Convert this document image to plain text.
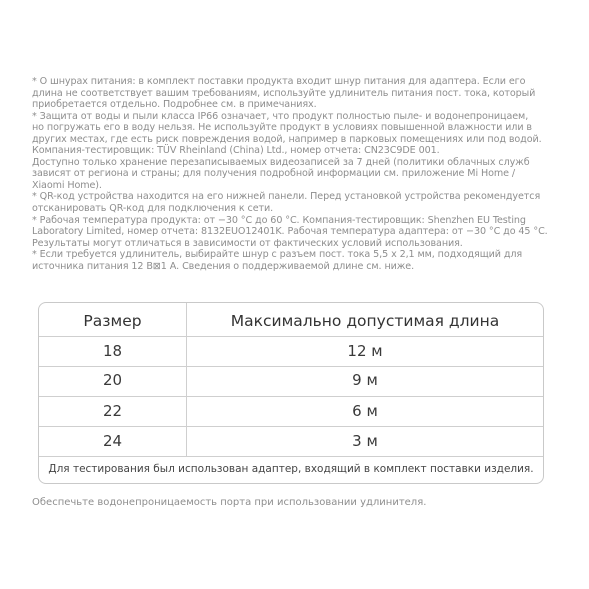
* О шнурах питания: в комплект поставки продукта входит шнур питания для адаптера. Если его
длина не соответствует вашим требованиям, используйте удлинитель питания пост. тока, который
приобретается отдельно. Подробнее см. в примечаниях.
* Защита от воды и пыли класса IP66 означает, что продукт полностью пыле- и водонепроницаем,
но погружать его в воду нельзя. Не используйте продукт в условиях повышенной влажности или в
других местах, где есть риск повреждения водой, например в парковых помещениях или под водой.
Компания-тестировщик: TÜV Rheinland (China) Ltd., номер отчета: CN23C9DE 001.
Доступно только хранение перезаписываемых видеозаписей за 7 дней (политики облачных служб
зависят от региона и страны; для получения подробной информации см. приложение Mi Home /
Xiaomi Home).
* QR-код устройства находится на его нижней панели. Перед установкой устройства рекомендуется
отсканировать QR-код для подключения к сети.
* Рабочая температура продукта: от −30 °C до 60 °C. Компания-тестировщик: Shenzhen EU Testing
Laboratory Limited, номер отчета: 8132EUO12401K. Рабочая температура адаптера: от −30 °C до 45 °C.
Результаты могут отличаться в зависимости от фактических условий использования.
* Если требуется удлинитель, выбирайте шнур с разъем пост. тока 5,5 x 2,1 мм, подходящий для
источника питания 12 В⊠1 А. Сведения о поддерживаемой длине см. ниже.
Размер	Максимально допустимая длина
18	12 м
20	9 м
22	6 м
24	3 м
Для тестирования был использован адаптер, входящий в комплект поставки изделия.
Обеспечьте водонепроницаемость порта при использовании удлинителя.
